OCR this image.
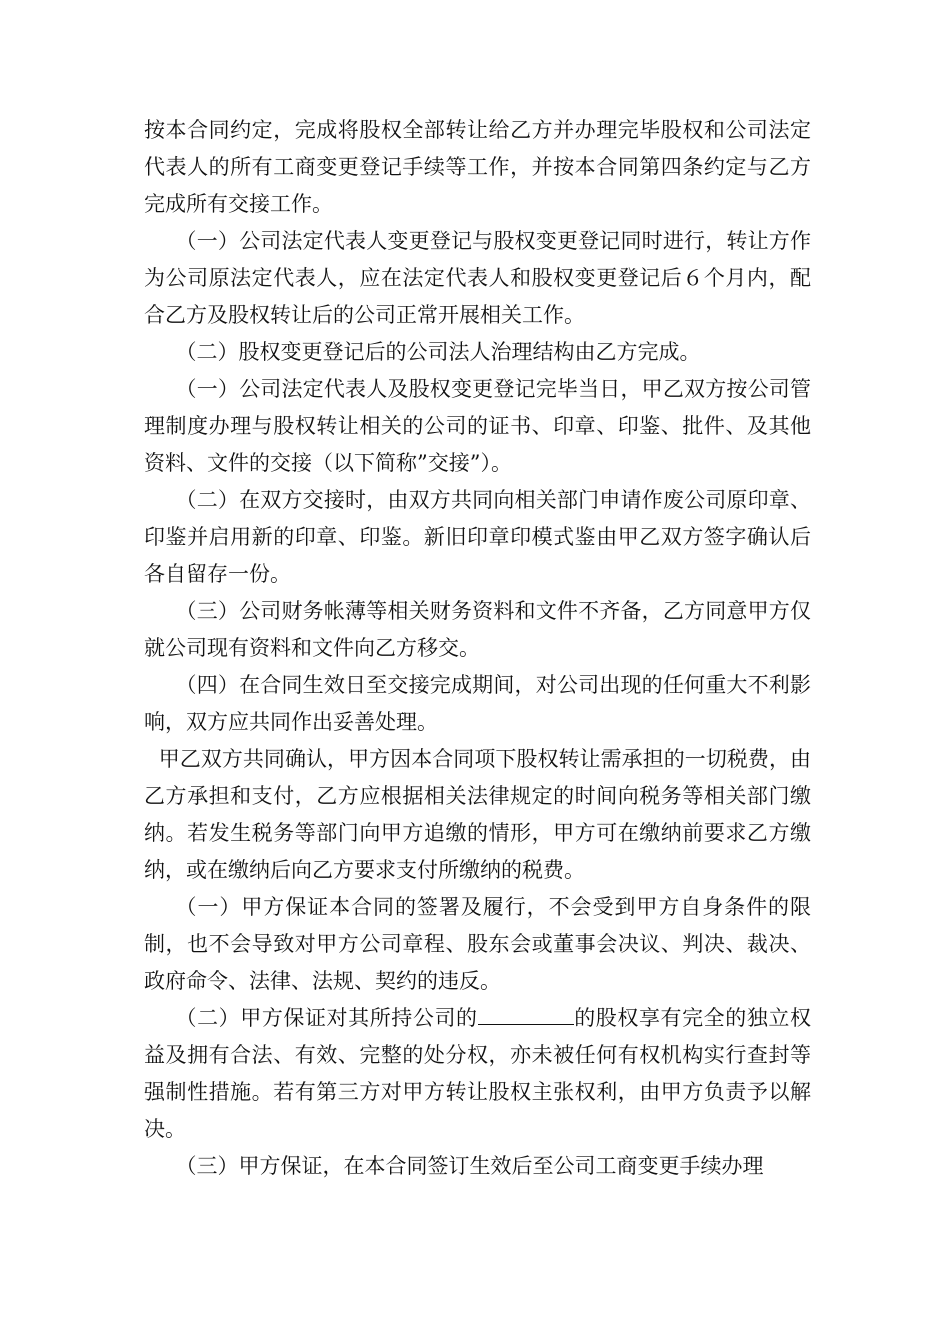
按本合同约定，完成将股权全部转让给乙方并办理完毕股权和公司法定代表人的所有工商变更登记手续等工作，并按本合同第四条约定与乙方完成所有交接工作。

（一）公司法定代表人变更登记与股权变更登记同时进行，转让方作为公司原法定代表人，应在法定代表人和股权变更登记后６个月内，配合乙方及股权转让后的公司正常开展相关工作。

（二）股权变更登记后的公司法人治理结构由乙方完成。

（一）公司法定代表人及股权变更登记完毕当日，甲乙双方按公司管理制度办理与股权转让相关的公司的证书、印章、印鉴、批件、及其他资料、文件的交接（以下简称”交接”）。

（二）在双方交接时，由双方共同向相关部门申请作废公司原印章、印鉴并启用新的印章、印鉴。新旧印章印模式鉴由甲乙双方签字确认后各自留存一份。

（三）公司财务帐薄等相关财务资料和文件不齐备，乙方同意甲方仅就公司现有资料和文件向乙方移交。

（四）在合同生效日至交接完成期间，对公司出现的任何重大不利影响，双方应共同作出妥善处理。

甲乙双方共同确认，甲方因本合同项下股权转让需承担的一切税费，由乙方承担和支付，乙方应根据相关法律规定的时间向税务等相关部门缴纳。若发生税务等部门向甲方追缴的情形，甲方可在缴纳前要求乙方缴纳，或在缴纳后向乙方要求支付所缴纳的税费。

（一）甲方保证本合同的签署及履行，不会受到甲方自身条件的限制，也不会导致对甲方公司章程、股东会或董事会决议、判决、裁决、政府命令、法律、法规、契约的违反。

（二）甲方保证对其所持公司的	的股权享有完全的独立权益及拥有合法、有效、完整的处分权，亦未被任何有权机构实行查封等强制性措施。若有第三方对甲方转让股权主张权利，由甲方负责予以解决。

（三）甲方保证，在本合同签订生效后至公司工商变更手续办理
